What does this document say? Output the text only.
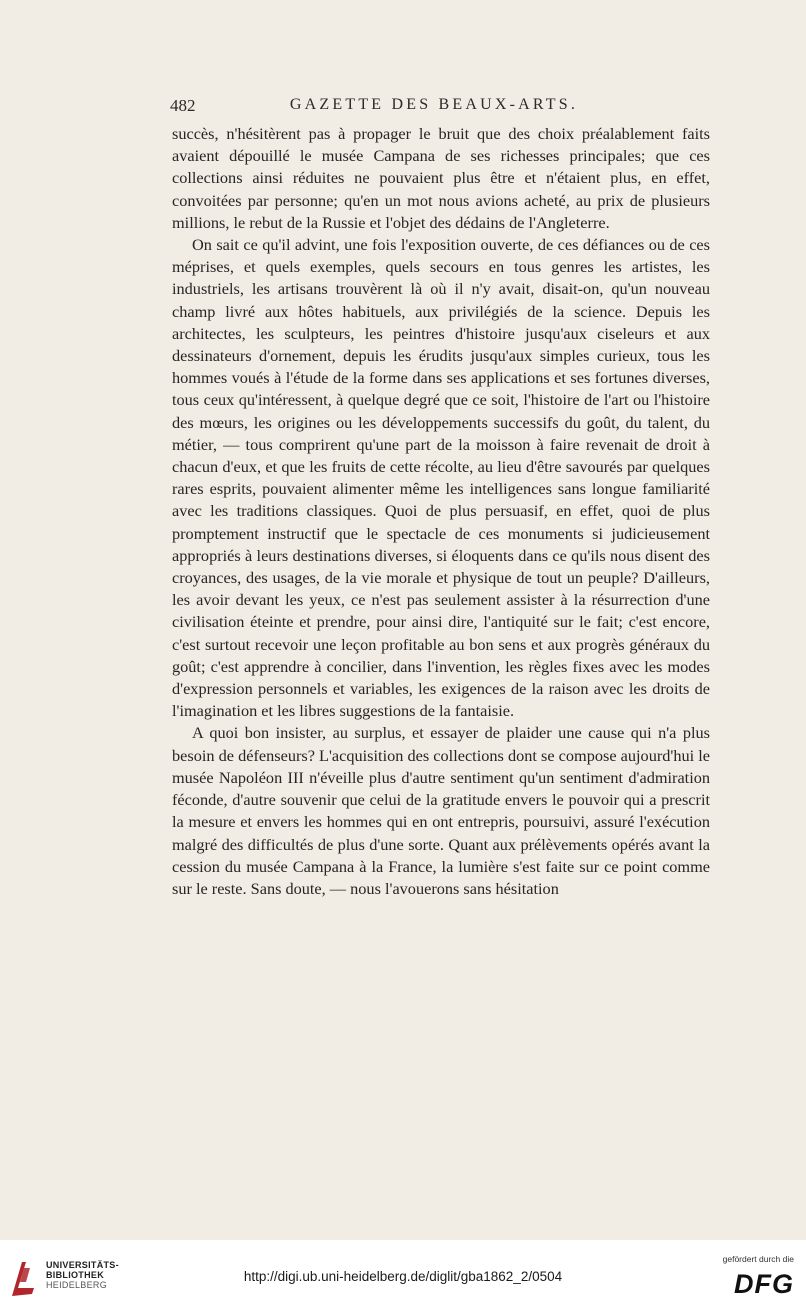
482	GAZETTE DES BEAUX-ARTS.

succès, n'hésitèrent pas à propager le bruit que des choix préalablement faits avaient dépouillé le musée Campana de ses richesses principales; que ces collections ainsi réduites ne pouvaient plus être et n'étaient plus, en effet, convoitées par personne; qu'en un mot nous avions acheté, au prix de plusieurs millions, le rebut de la Russie et l'objet des dédains de l'Angleterre.

On sait ce qu'il advint, une fois l'exposition ouverte, de ces défiances ou de ces méprises, et quels exemples, quels secours en tous genres les artistes, les industriels, les artisans trouvèrent là où il n'y avait, disait-on, qu'un nouveau champ livré aux hôtes habituels, aux privilégiés de la science. Depuis les architectes, les sculpteurs, les peintres d'histoire jusqu'aux ciseleurs et aux dessinateurs d'ornement, depuis les érudits jusqu'aux simples curieux, tous les hommes voués à l'étude de la forme dans ses applications et ses fortunes diverses, tous ceux qu'intéressent, à quelque degré que ce soit, l'histoire de l'art ou l'histoire des mœurs, les origines ou les développements successifs du goût, du talent, du métier, — tous comprirent qu'une part de la moisson à faire revenait de droit à chacun d'eux, et que les fruits de cette récolte, au lieu d'être savourés par quelques rares esprits, pouvaient alimenter même les intelligences sans longue familiarité avec les traditions classiques. Quoi de plus persuasif, en effet, quoi de plus promptement instructif que le spectacle de ces monuments si judicieusement appropriés à leurs destinations diverses, si éloquents dans ce qu'ils nous disent des croyances, des usages, de la vie morale et physique de tout un peuple? D'ailleurs, les avoir devant les yeux, ce n'est pas seulement assister à la résurrection d'une civilisation éteinte et prendre, pour ainsi dire, l'antiquité sur le fait; c'est encore, c'est surtout recevoir une leçon profitable au bon sens et aux progrès généraux du goût; c'est apprendre à concilier, dans l'invention, les règles fixes avec les modes d'expression personnels et variables, les exigences de la raison avec les droits de l'imagination et les libres suggestions de la fantaisie.

A quoi bon insister, au surplus, et essayer de plaider une cause qui n'a plus besoin de défenseurs? L'acquisition des collections dont se compose aujourd'hui le musée Napoléon III n'éveille plus d'autre sentiment qu'un sentiment d'admiration féconde, d'autre souvenir que celui de la gratitude envers le pouvoir qui a prescrit la mesure et envers les hommes qui en ont entrepris, poursuivi, assuré l'exécution malgré des difficultés de plus d'une sorte. Quant aux prélèvements opérés avant la cession du musée Campana à la France, la lumière s'est faite sur ce point comme sur le reste. Sans doute, — nous l'avouerons sans hésitation

UNIVERSITÄTS-
BIBLIOTHEK
HEIDELBERG
http://digi.ub.uni-heidelberg.de/diglit/gba1862_2/0504
gefördert durch die
DFG
